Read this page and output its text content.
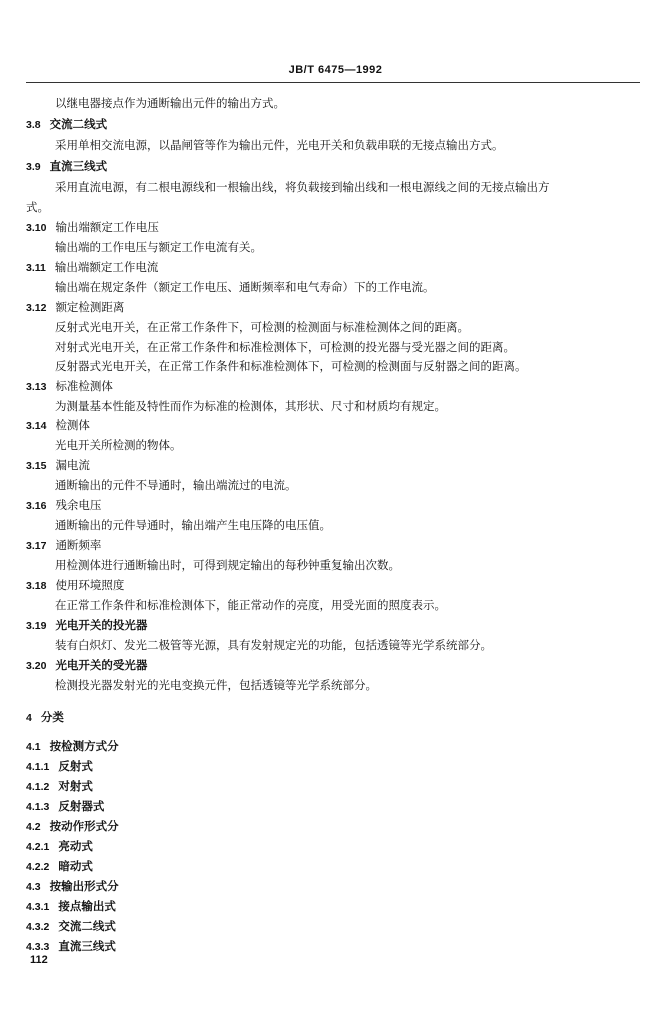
JB/T 6475—1992
以继电器接点作为通断输出元件的输出方式。
3.8 交流二线式
采用单相交流电源，以晶闸管等作为输出元件，光电开关和负载串联的无接点输出方式。
3.9 直流三线式
采用直流电源，有二根电源线和一根输出线，将负载接到输出线和一根电源线之间的无接点输出方
式。
3.10 输出端额定工作电压
输出端的工作电压与额定工作电流有关。
3.11 输出端额定工作电流
输出端在规定条件（额定工作电压、通断频率和电气寿命）下的工作电流。
3.12 额定检测距离
反射式光电开关，在正常工作条件下，可检测的检测面与标准检测体之间的距离。
对射式光电开关，在正常工作条件和标准检测体下，可检测的投光器与受光器之间的距离。
反射器式光电开关，在正常工作条件和标准检测体下，可检测的检测面与反射器之间的距离。
3.13 标准检测体
为测量基本性能及特性而作为标准的检测体，其形状、尺寸和材质均有规定。
3.14 检测体
光电开关所检测的物体。
3.15 漏电流
通断输出的元件不导通时，输出端流过的电流。
3.16 残余电压
通断输出的元件导通时，输出端产生电压降的电压值。
3.17 通断频率
用检测体进行通断输出时，可得到规定输出的每秒钟重复输出次数。
3.18 使用环境照度
在正常工作条件和标准检测体下，能正常动作的亮度，用受光面的照度表示。
3.19 光电开关的投光器
装有白炽灯、发光二极管等光源，具有发射规定光的功能，包括透镜等光学系统部分。
3.20 光电开关的受光器
检测投光器发射光的光电变换元件，包括透镜等光学系统部分。
4 分类
4.1 按检测方式分
4.1.1 反射式
4.1.2 对射式
4.1.3 反射器式
4.2 按动作形式分
4.2.1 亮动式
4.2.2 暗动式
4.3 按输出形式分
4.3.1 接点输出式
4.3.2 交流二线式
4.3.3 直流三线式
112
